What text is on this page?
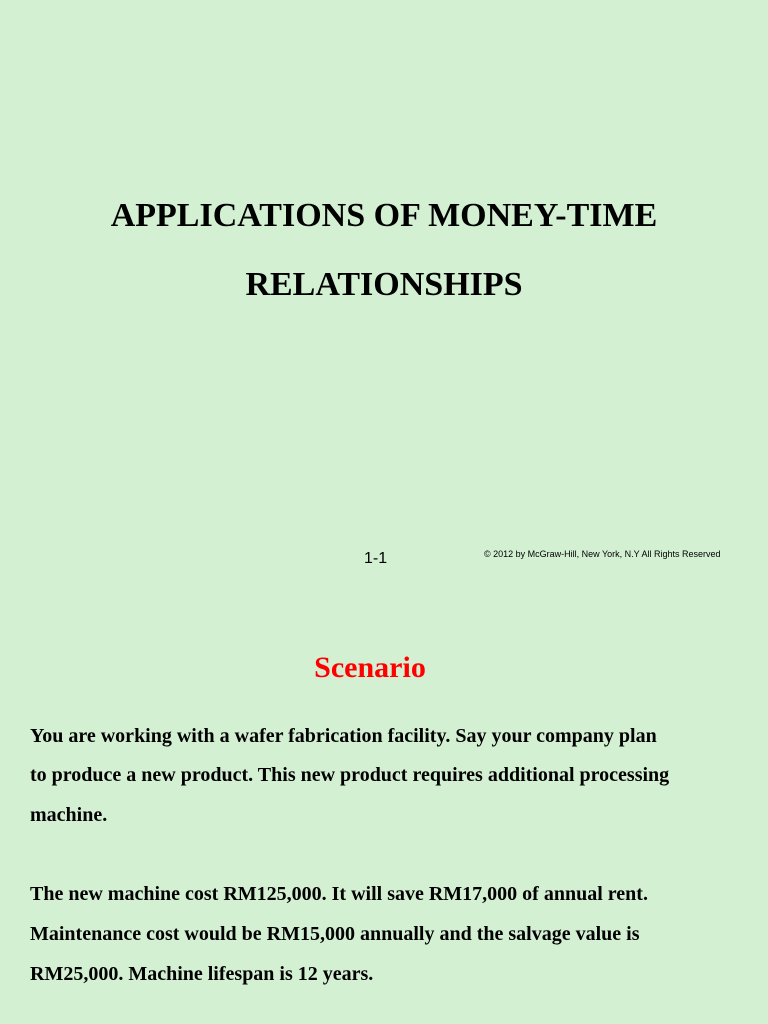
APPLICATIONS OF MONEY-TIME
RELATIONSHIPS
1-1	© 2012 by McGraw-Hill, New York, N.Y All Rights Reserved
Scenario
You are working with a wafer fabrication facility. Say your company plan
to produce a new product. This new product requires additional processing
machine.
The new machine cost RM125,000. It will save RM17,000 of annual rent.
Maintenance cost would be RM15,000 annually and the salvage value is
RM25,000. Machine lifespan is 12 years.
